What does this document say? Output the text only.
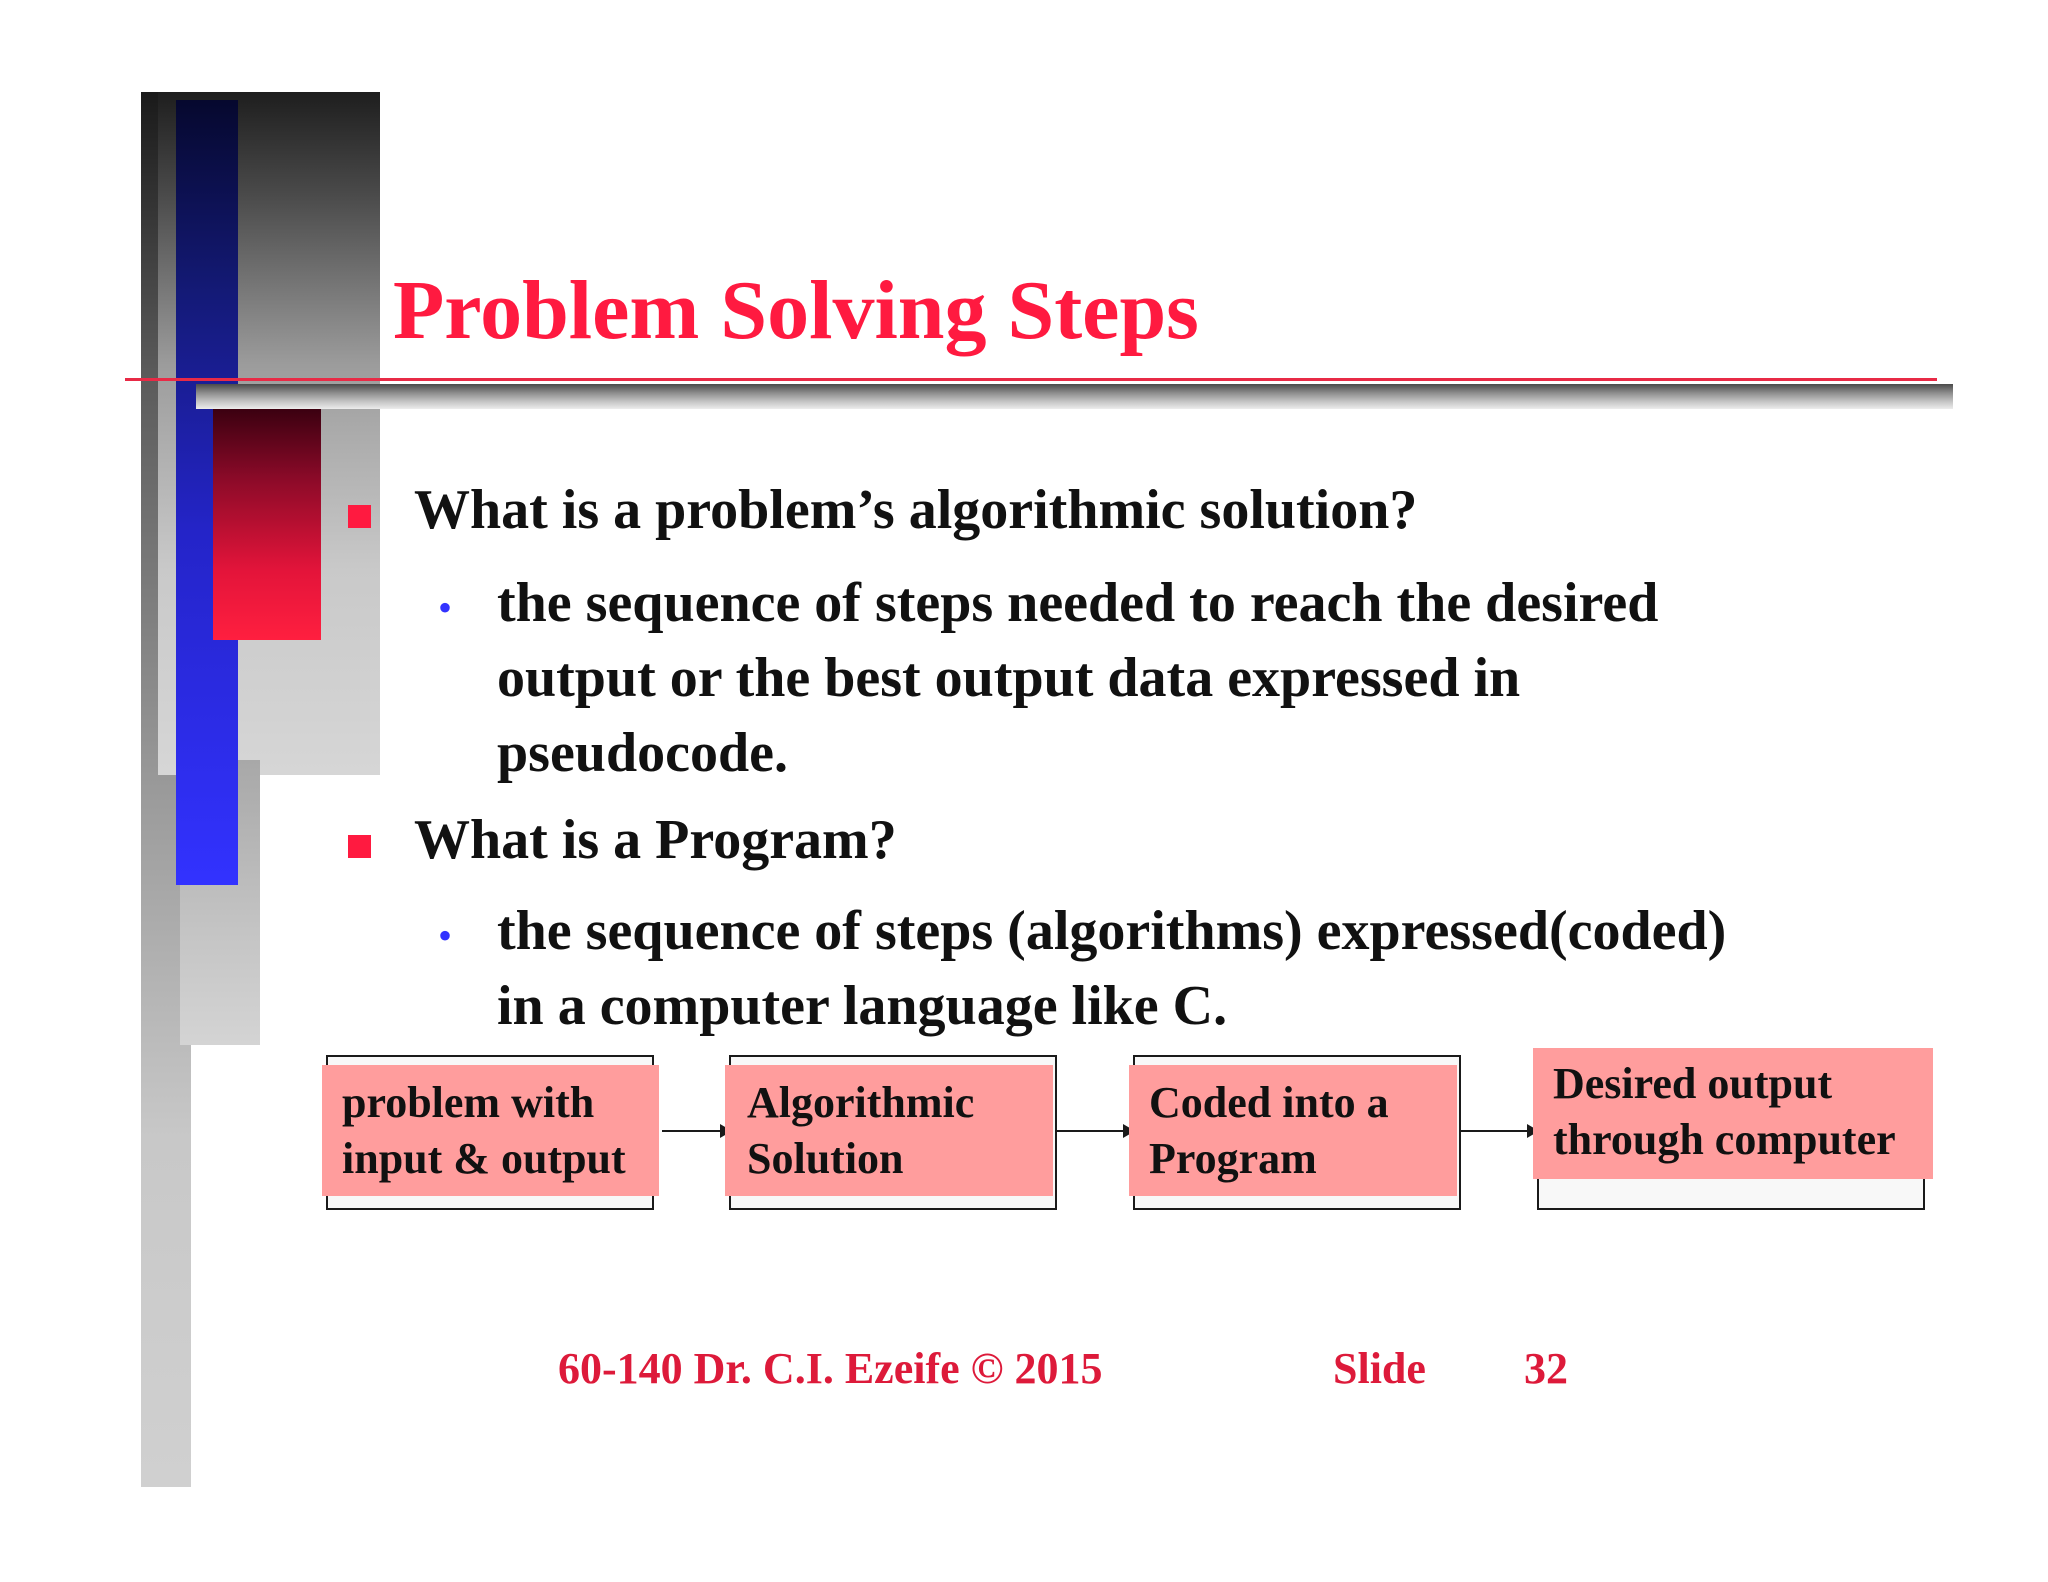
Problem Solving Steps
What is a problem’s algorithmic solution?
• the sequence of steps needed to reach the desired
output or the best output data expressed in
pseudocode.
What is a Program?
• the sequence of steps (algorithms) expressed(coded)
in a computer language like C.
problem with
input & output
Algorithmic
Solution
Coded into a
Program
Desired output
through computer
60-140 Dr. C.I. Ezeife © 2015	Slide 32
